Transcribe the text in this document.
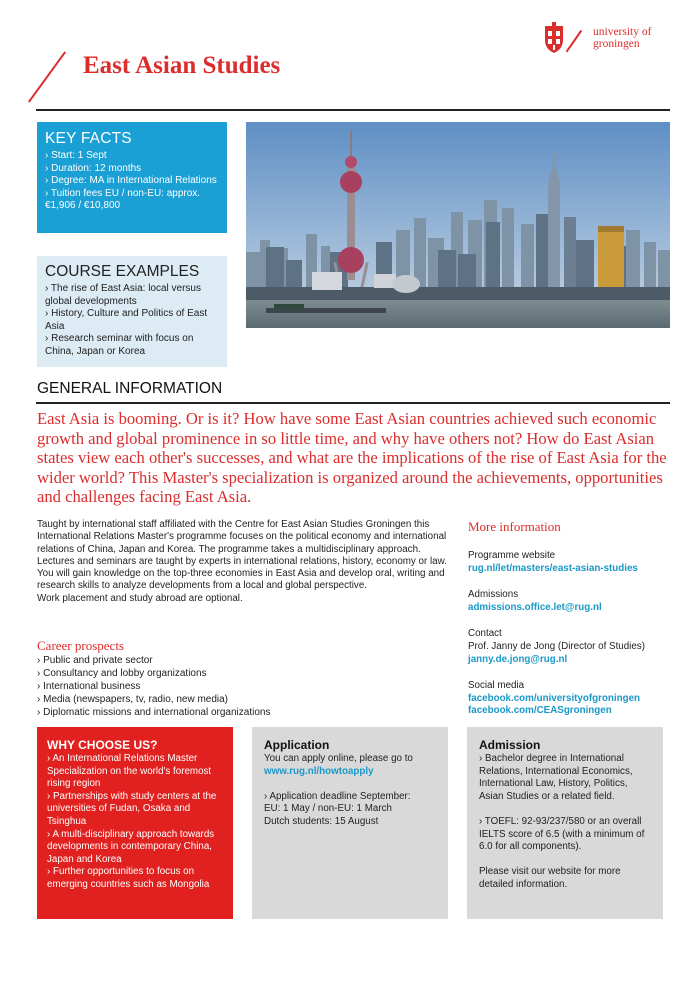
East Asian Studies
university of
groningen
KEY FACTS
› Start: 1 Sept
› Duration: 12 months
› Degree: MA in International Relations
› Tuition fees EU / non-EU: approx. €1,906 / €10,800
COURSE EXAMPLES
› The rise of East Asia: local versus global developments
› History, Culture and Politics of East Asia
› Research seminar with focus on China, Japan or Korea
GENERAL INFORMATION

East Asia is booming. Or is it? How have some East Asian countries achieved such economic growth and global prominence in so little time, and why have others not? How do East Asian states view each other's successes, and what are the implications of the rise of East Asia for the wider world? This Master's specialization is organized around the achievements, opportunities and challenges facing East Asia.

Taught by international staff affiliated with the Centre for East Asian Studies Groningen this International Relations Master's programme focuses on the political economy and international relations of China, Japan and Korea. The programme takes a multidisciplinary approach. Lectures and seminars are taught by experts in international relations, history, economy or law. You will gain knowledge on the top-three economies in East Asia and develop oral, writing and research skills to analyze developments from a local and global perspective.

Work placement and study abroad are optional.

Career prospects
› Public and private sector
› Consultancy and lobby organizations
› International business
› Media (newspapers, tv, radio, new media)
› Diplomatic missions and international organizations
More information
Programme website
rug.nl/let/masters/east-asian-studies
Admissions
admissions.office.let@rug.nl
Contact
Prof. Janny de Jong (Director of Studies)
janny.de.jong@rug.nl
Social media
facebook.com/universityofgroningen
facebook.com/CEASgroningen
WHY CHOOSE US?
› An International Relations Master Specialization on the world's foremost rising region
› Partnerships with study centers at the universities of Fudan, Osaka and Tsinghua
› A multi-disciplinary approach towards developments in contemporary China, Japan and Korea
› Further opportunities to focus on emerging countries such as Mongolia
Application

You can apply online, please go to

www.rug.nl/howtoapply

› Application deadline September:

EU: 1 May / non-EU: 1 March

Dutch students: 15 August

Admission

› Bachelor degree in International Relations, International Economics, International Law, History, Politics, Asian Studies or a related field.

› TOEFL: 92-93/237/580 or an overall IELTS score of 6.5 (with a minimum of 6.0 for all components).

Please visit our website for more detailed information.
